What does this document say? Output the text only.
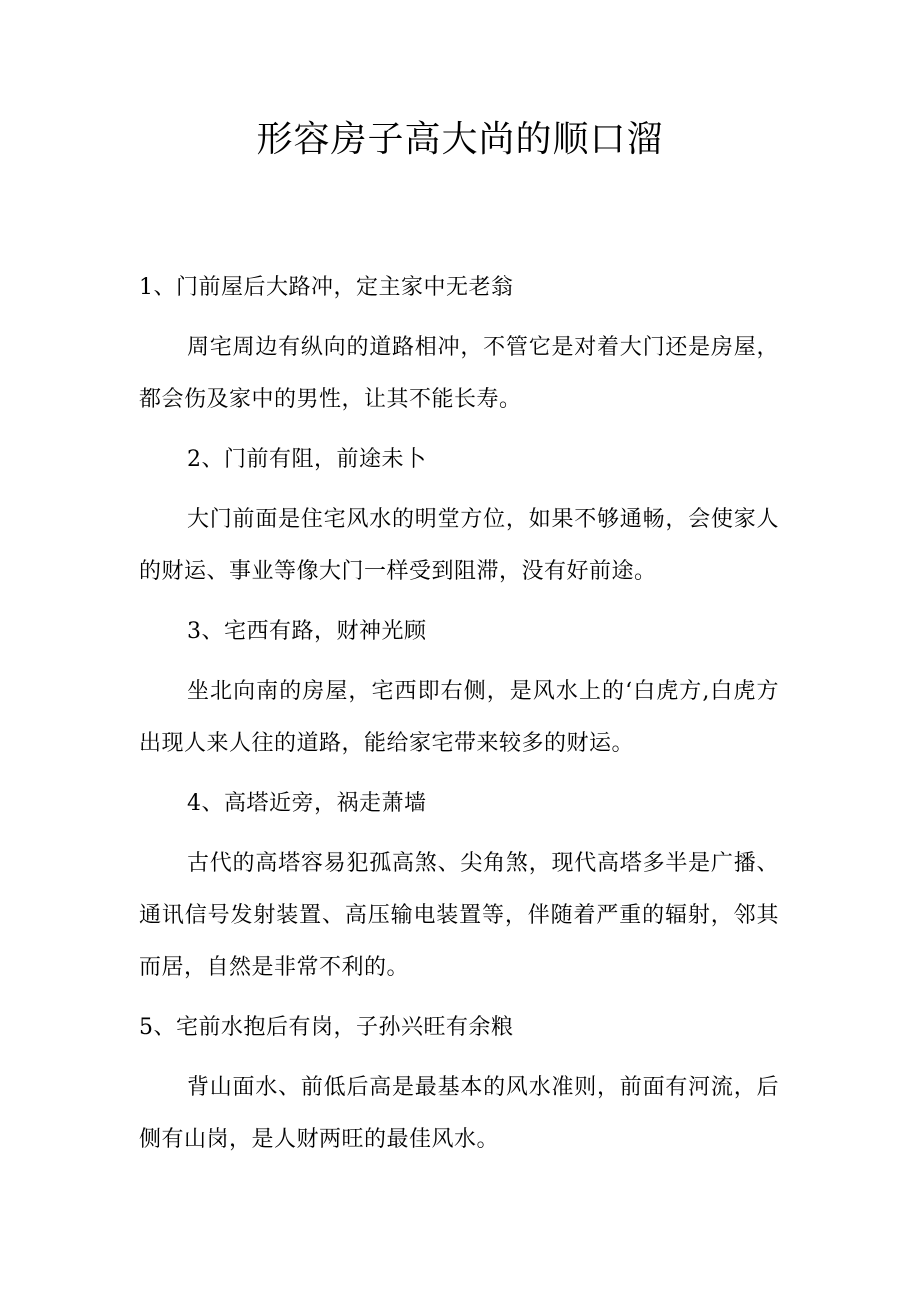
形容房子高大尚的顺口溜

1、门前屋后大路冲，定主家中无老翁

周宅周边有纵向的道路相冲，不管它是对着大门还是房屋，都会伤及家中的男性，让其不能长寿。

2、门前有阻，前途未卜

大门前面是住宅风水的明堂方位，如果不够通畅，会使家人的财运、事业等像大门一样受到阻滞，没有好前途。

3、宅西有路，财神光顾

坐北向南的房屋，宅西即右侧，是风水上的‘白虎方,白虎方出现人来人往的道路，能给家宅带来较多的财运。

4、高塔近旁，祸走萧墙

古代的高塔容易犯孤高煞、尖角煞，现代高塔多半是广播、通讯信号发射装置、高压输电装置等，伴随着严重的辐射，邻其而居，自然是非常不利的。

5、宅前水抱后有岗，子孙兴旺有余粮

背山面水、前低后高是最基本的风水准则，前面有河流，后侧有山岗，是人财两旺的最佳风水。
